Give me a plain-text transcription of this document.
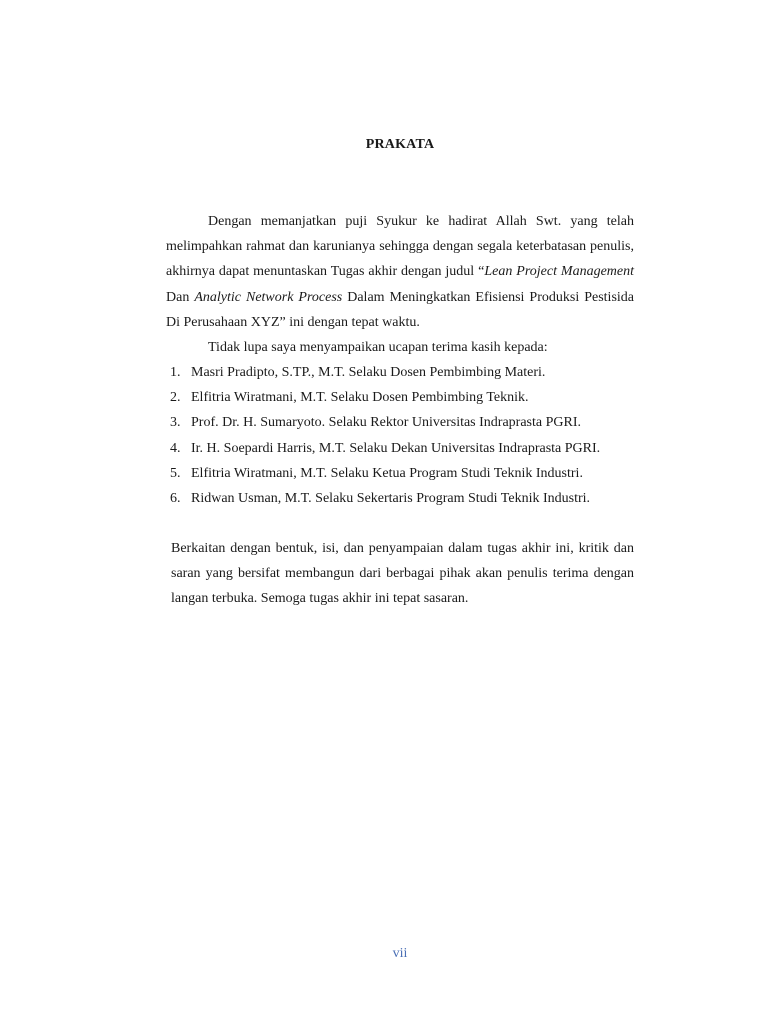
PRAKATA

Dengan memanjatkan puji Syukur ke hadirat Allah Swt. yang telah melimpahkan rahmat dan karunianya sehingga dengan segala keterbatasan penulis, akhirnya dapat menuntaskan Tugas akhir dengan judul “Lean Project Management Dan Analytic Network Process Dalam Meningkatkan Efisiensi Produksi Pestisida Di Perusahaan XYZ” ini dengan tepat waktu.

Tidak lupa saya menyampaikan ucapan terima kasih kepada:

1. Masri Pradipto, S.TP., M.T. Selaku Dosen Pembimbing Materi.
2. Elfitria Wiratmani, M.T. Selaku Dosen Pembimbing Teknik.
3. Prof. Dr. H. Sumaryoto. Selaku Rektor Universitas Indraprasta PGRI.
4. Ir. H. Soepardi Harris, M.T. Selaku Dekan Universitas Indraprasta PGRI.
5. Elfitria Wiratmani, M.T. Selaku Ketua Program Studi Teknik Industri.
6. Ridwan Usman, M.T. Selaku Sekertaris Program Studi Teknik Industri.

Berkaitan dengan bentuk, isi, dan penyampaian dalam tugas akhir ini, kritik dan saran yang bersifat membangun dari berbagai pihak akan penulis terima dengan langan terbuka. Semoga tugas akhir ini tepat sasaran.

vii
